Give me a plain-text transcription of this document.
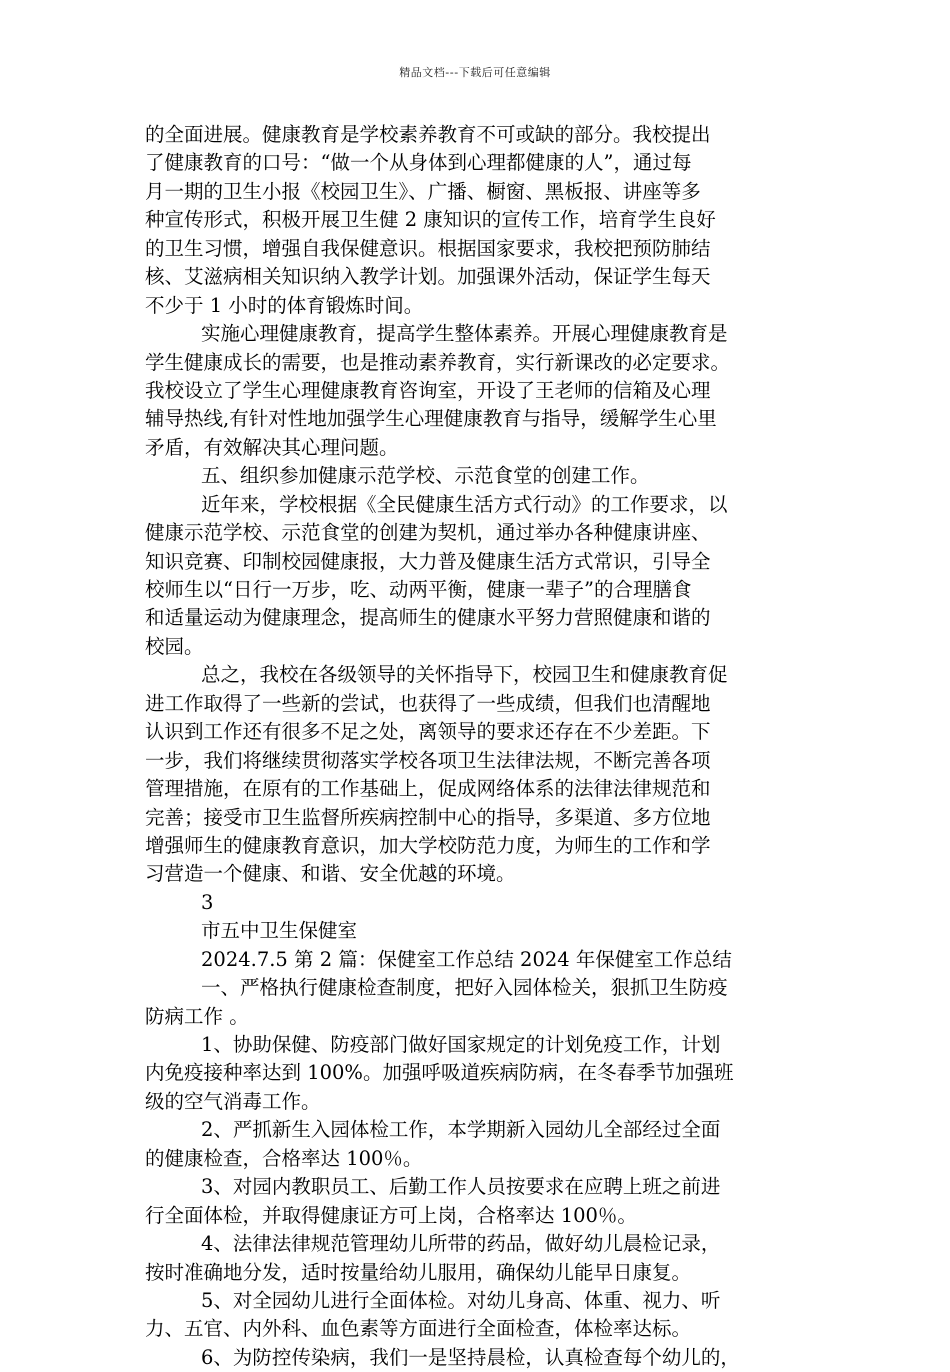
精品文档---下载后可任意编辑
的全面进展。健康教育是学校素养教育不可或缺的部分。我校提出
了健康教育的口号：“做一个从身体到心理都健康的人”，通过每
月一期的卫生小报《校园卫生》、广播、橱窗、黑板报、讲座等多
种宣传形式，积极开展卫生健 2 康知识的宣传工作，培育学生良好
的卫生习惯，增强自我保健意识。根据国家要求，我校把预防肺结
核、艾滋病相关知识纳入教学计划。加强课外活动，保证学生每天
不少于 1 小时的体育锻炼时间。
实施心理健康教育，提高学生整体素养。开展心理健康教育是
学生健康成长的需要，也是推动素养教育，实行新课改的必定要求。
我校设立了学生心理健康教育咨询室，开设了王老师的信箱及心理
辅导热线,有针对性地加强学生心理健康教育与指导，缓解学生心里
矛盾，有效解决其心理问题。
五、组织参加健康示范学校、示范食堂的创建工作。
近年来，学校根据《全民健康生活方式行动》的工作要求，以
健康示范学校、示范食堂的创建为契机，通过举办各种健康讲座、
知识竞赛、印制校园健康报，大力普及健康生活方式常识，引导全
校师生以“日行一万步，吃、动两平衡，健康一辈子”的合理膳食
和适量运动为健康理念，提高师生的健康水平努力营照健康和谐的
校园。
总之，我校在各级领导的关怀指导下，校园卫生和健康教育促
进工作取得了一些新的尝试，也获得了一些成绩，但我们也清醒地
认识到工作还有很多不足之处，离领导的要求还存在不少差距。下
一步，我们将继续贯彻落实学校各项卫生法律法规，不断完善各项
管理措施，在原有的工作基础上，促成网络体系的法律法律规范和
完善；接受市卫生监督所疾病控制中心的指导，多渠道、多方位地
增强师生的健康教育意识，加大学校防范力度，为师生的工作和学
习营造一个健康、和谐、安全优越的环境。
3
市五中卫生保健室
2024.7.5 第 2 篇：保健室工作总结 2024 年保健室工作总结
一、严格执行健康检查制度，把好入园体检关，狠抓卫生防疫
防病工作 。
1、协助保健、防疫部门做好国家规定的计划免疫工作，计划
内免疫接种率达到 100%。加强呼吸道疾病防病，在冬春季节加强班
级的空气消毒工作。
2、严抓新生入园体检工作，本学期新入园幼儿全部经过全面
的健康检查，合格率达 100％。
3、对园内教职员工、后勤工作人员按要求在应聘上班之前进
行全面体检，并取得健康证方可上岗，合格率达 100％。
4、法律法律规范管理幼儿所带的药品，做好幼儿晨检记录，
按时准确地分发，适时按量给幼儿服用，确保幼儿能早日康复。
5、对全园幼儿进行全面体检。对幼儿身高、体重、视力、听
力、五官、内外科、血色素等方面进行全面检查，体检率达标。
6、为防控传染病，我们一是坚持晨检，认真检查每个幼儿的，
